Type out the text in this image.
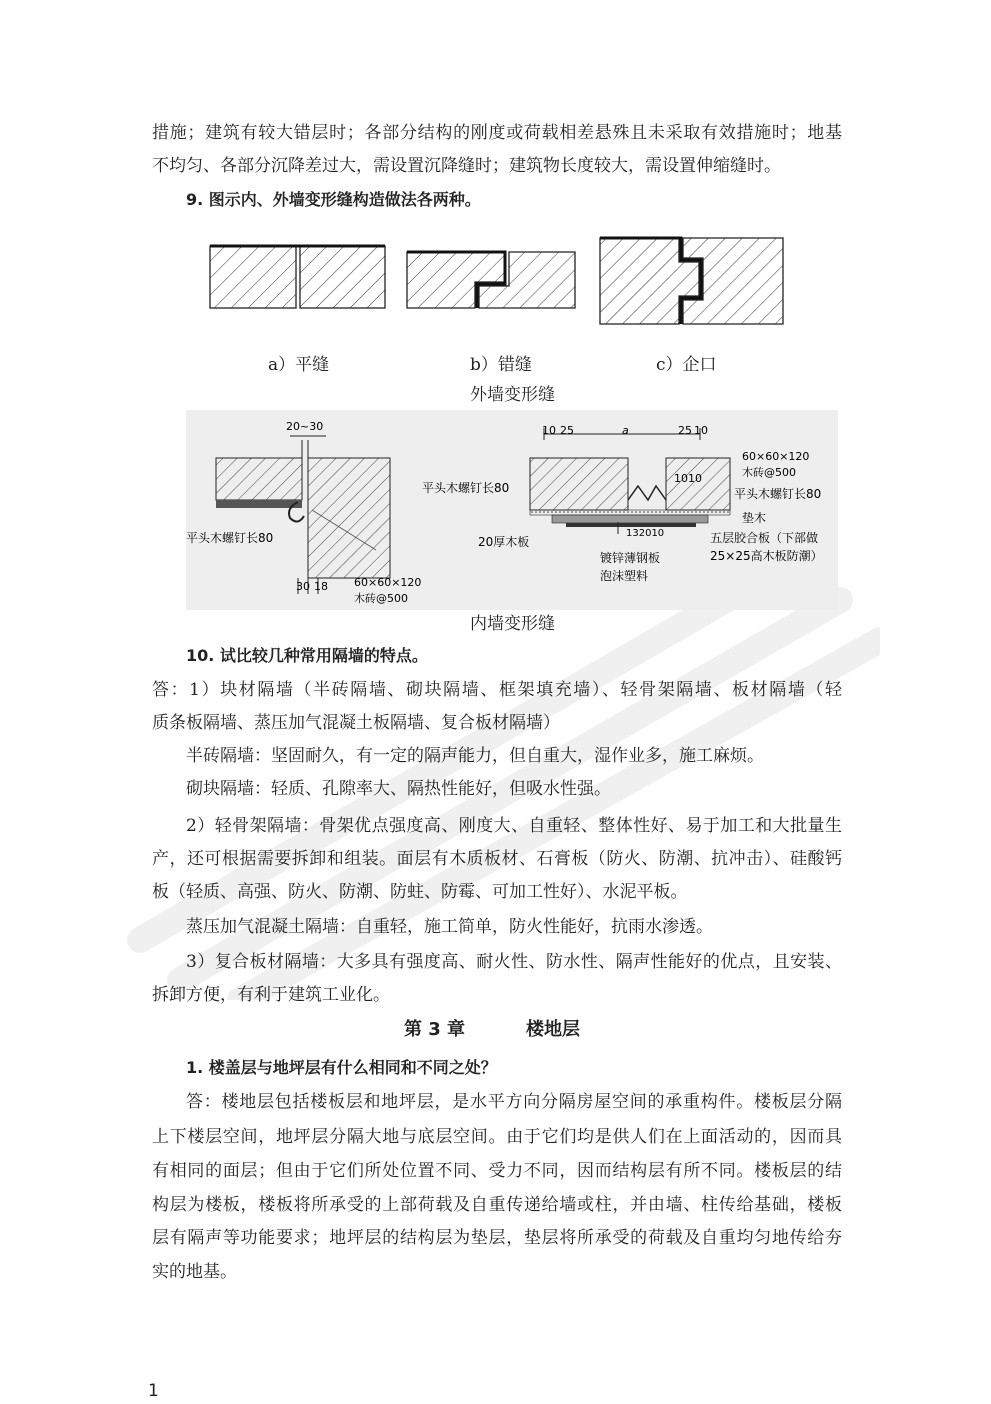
措施；建筑有较大错层时；各部分结构的刚度或荷载相差悬殊且未采取有效措施时；地基
不均匀、各部分沉降差过大，需设置沉降缝时；建筑物长度较大，需设置伸缩缝时。
9. 图示内、外墙变形缝构造做法各两种。
a）平缝	b）错缝	c）企口
外墙变形缝
20~30
平头木螺钉长80
30 18 60×60×120
木砖@500
10 25	a	25 10
60×60×120
木砖@500
平头木螺钉长80	平头木螺钉长80
1010
132010
垫木
20厚木板	五层胶合板（下部做
25×25高木板防潮）
镀锌薄钢板
泡沫塑料
内墙变形缝
10. 试比较几种常用隔墙的特点。
答：1）块材隔墙（半砖隔墙、砌块隔墙、框架填充墙）、轻骨架隔墙、板材隔墙（轻
质条板隔墙、蒸压加气混凝土板隔墙、复合板材隔墙）
半砖隔墙：坚固耐久，有一定的隔声能力，但自重大，湿作业多，施工麻烦。
砌块隔墙：轻质、孔隙率大、隔热性能好，但吸水性强。
2）轻骨架隔墙：骨架优点强度高、刚度大、自重轻、整体性好、易于加工和大批量生
产，还可根据需要拆卸和组装。面层有木质板材、石膏板（防火、防潮、抗冲击）、硅酸钙
板（轻质、高强、防火、防潮、防蛀、防霉、可加工性好）、水泥平板。
蒸压加气混凝土隔墙：自重轻，施工简单，防火性能好，抗雨水渗透。
3）复合板材隔墙：大多具有强度高、耐火性、防水性、隔声性能好的优点，且安装、
拆卸方便，有利于建筑工业化。
第 3 章	楼地层
1. 楼盖层与地坪层有什么相同和不同之处？
答：楼地层包括楼板层和地坪层，是水平方向分隔房屋空间的承重构件。楼板层分隔
上下楼层空间，地坪层分隔大地与底层空间。由于它们均是供人们在上面活动的，因而具
有相同的面层；但由于它们所处位置不同、受力不同，因而结构层有所不同。楼板层的结
构层为楼板，楼板将所承受的上部荷载及自重传递给墙或柱，并由墙、柱传给基础，楼板
层有隔声等功能要求；地坪层的结构层为垫层，垫层将所承受的荷载及自重均匀地传给夯
实的地基。
1
